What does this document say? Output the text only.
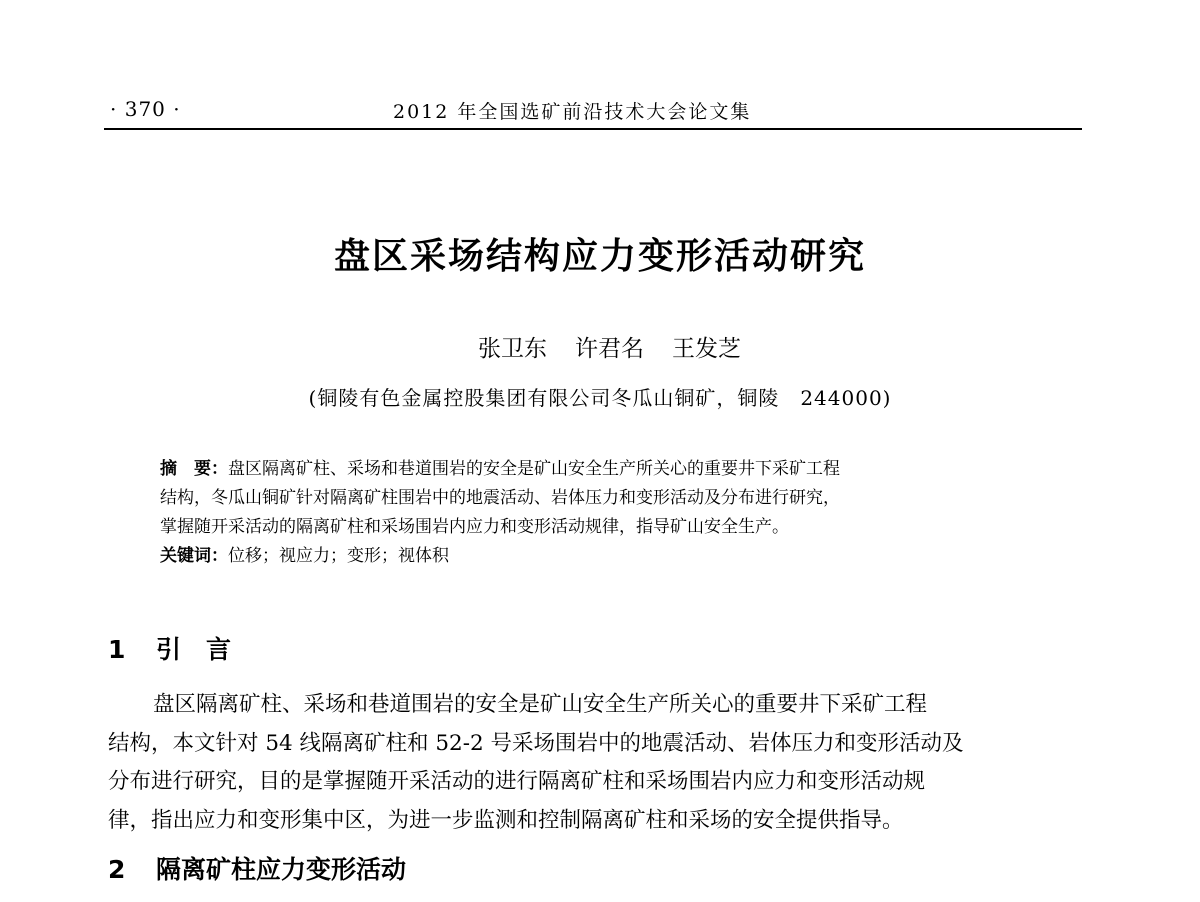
· 370 ·	2012 年全国选矿前沿技术大会论文集
盘区采场结构应力变形活动研究
张卫东 许君名 王发芝
(铜陵有色金属控股集团有限公司冬瓜山铜矿，铜陵　244000)
摘　要：盘区隔离矿柱、采场和巷道围岩的安全是矿山安全生产所关心的重要井下采矿工程
结构，冬瓜山铜矿针对隔离矿柱围岩中的地震活动、岩体压力和变形活动及分布进行研究，
掌握随开采活动的隔离矿柱和采场围岩内应力和变形活动规律，指导矿山安全生产。
关键词：位移；视应力；变形；视体积
1 引　言
盘区隔离矿柱、采场和巷道围岩的安全是矿山安全生产所关心的重要井下采矿工程
结构，本文针对 54 线隔离矿柱和 52-2 号采场围岩中的地震活动、岩体压力和变形活动及
分布进行研究，目的是掌握随开采活动的进行隔离矿柱和采场围岩内应力和变形活动规
律，指出应力和变形集中区，为进一步监测和控制隔离矿柱和采场的安全提供指导。
2 隔离矿柱应力变形活动
